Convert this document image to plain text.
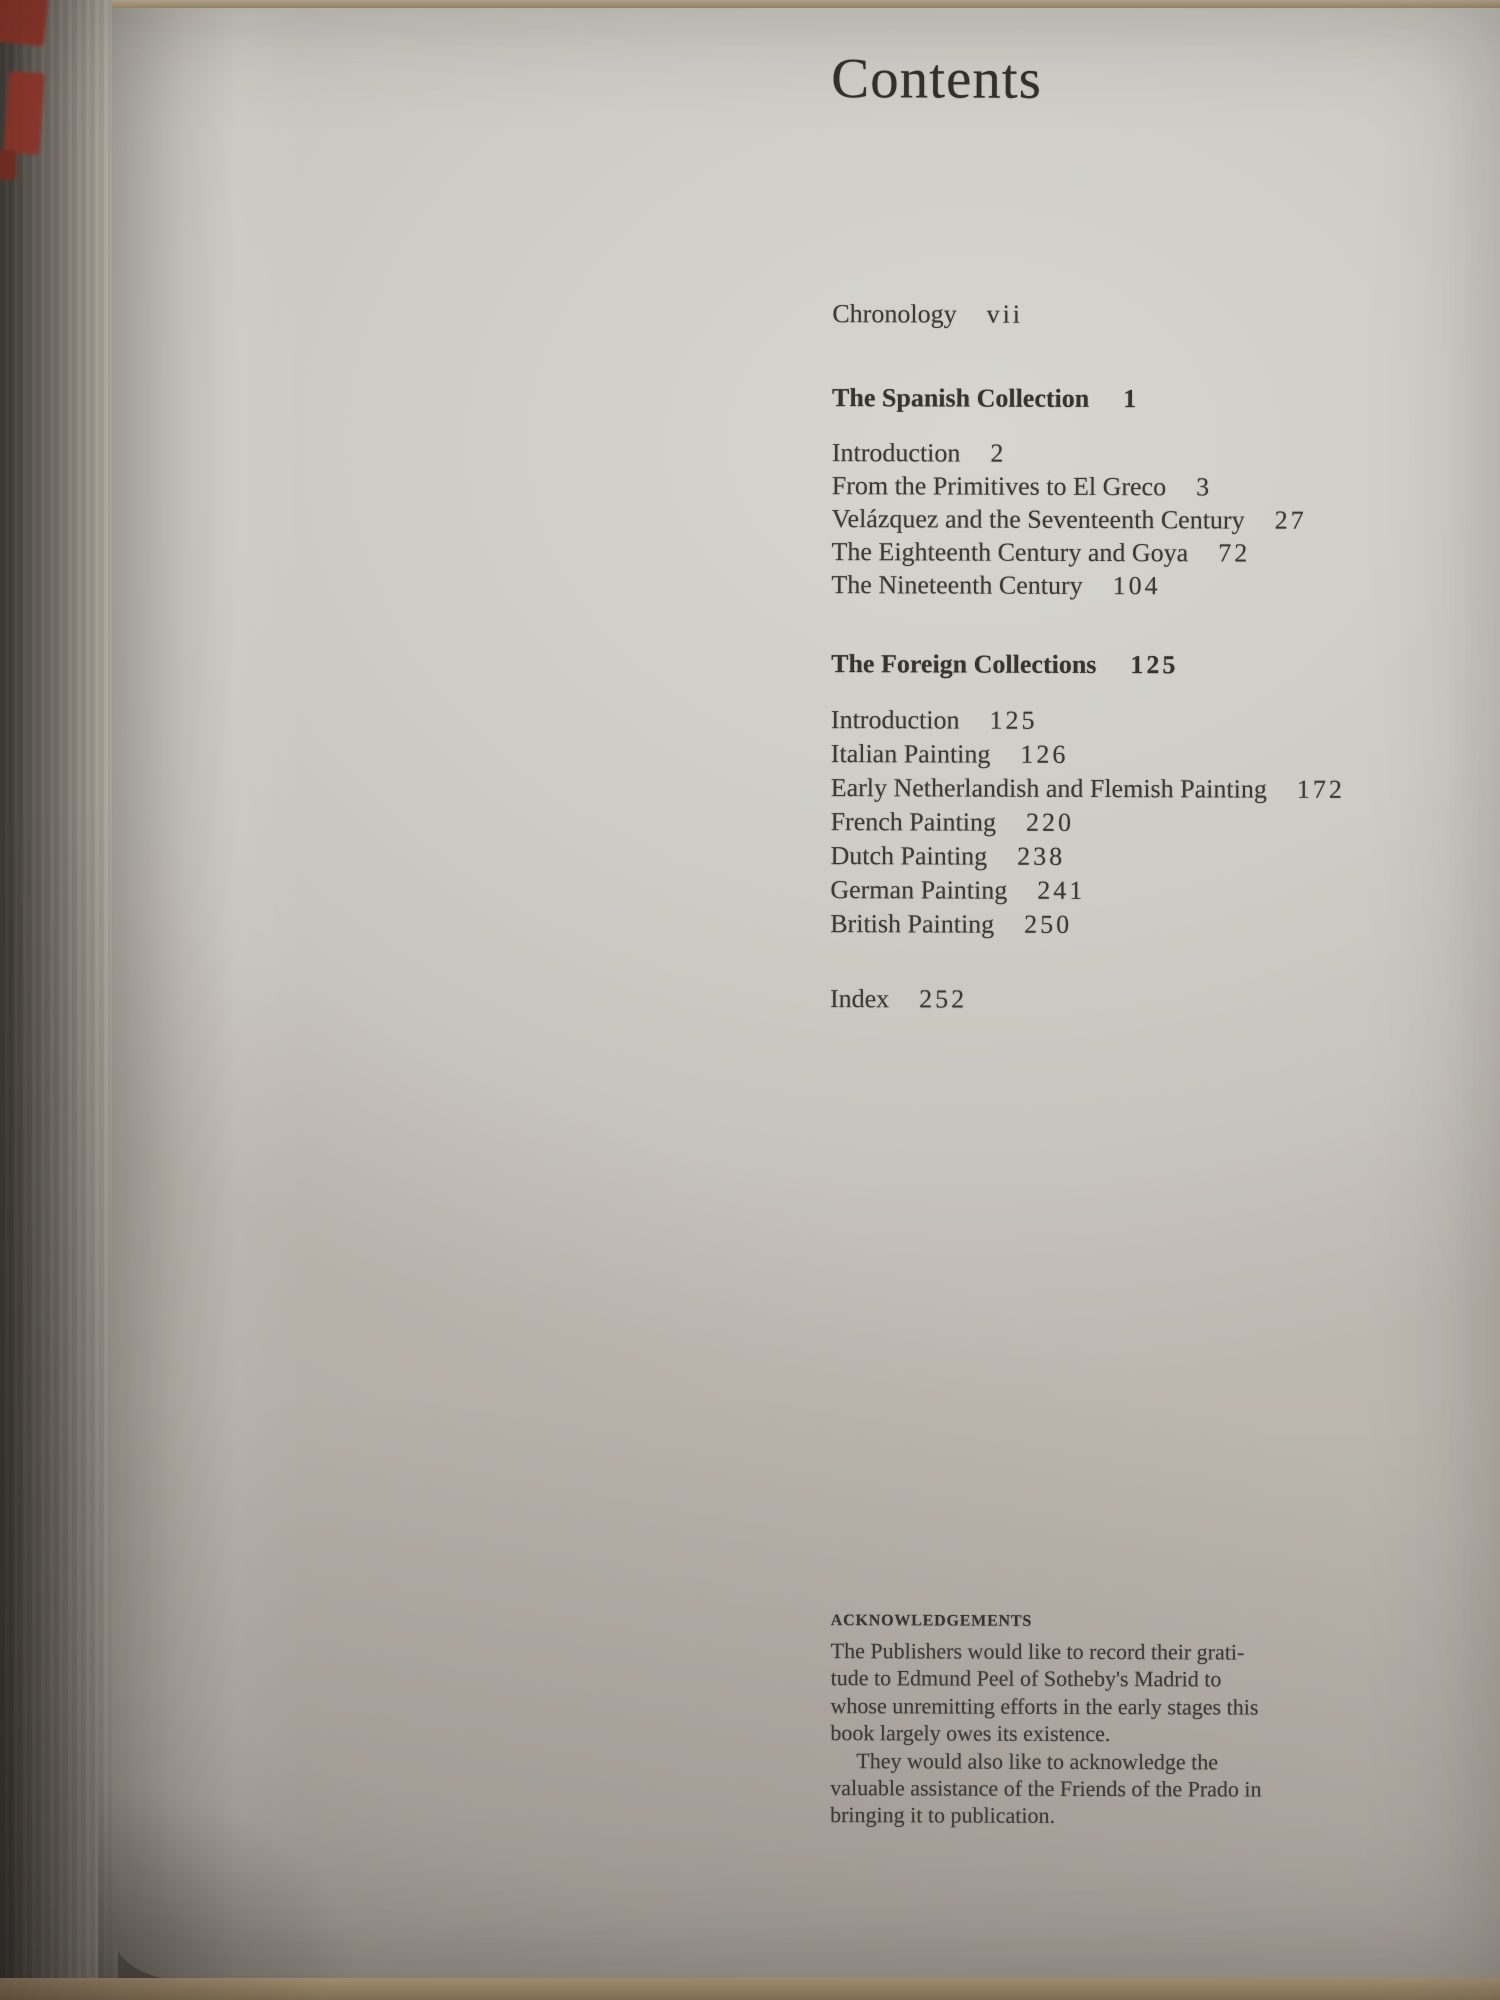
Contents
Chronology vii
The Spanish Collection 1
Introduction 2
From the Primitives to El Greco 3
Velázquez and the Seventeenth Century 27
The Eighteenth Century and Goya 72
The Nineteenth Century 104
The Foreign Collections 125
Introduction 125
Italian Painting 126
Early Netherlandish and Flemish Painting 172
French Painting 220
Dutch Painting 238
German Painting 241
British Painting 250
Index 252
ACKNOWLEDGEMENTS
The Publishers would like to record their grati-
tude to Edmund Peel of Sotheby's Madrid to
whose unremitting efforts in the early stages this
book largely owes its existence.
They would also like to acknowledge the
valuable assistance of the Friends of the Prado in
bringing it to publication.
